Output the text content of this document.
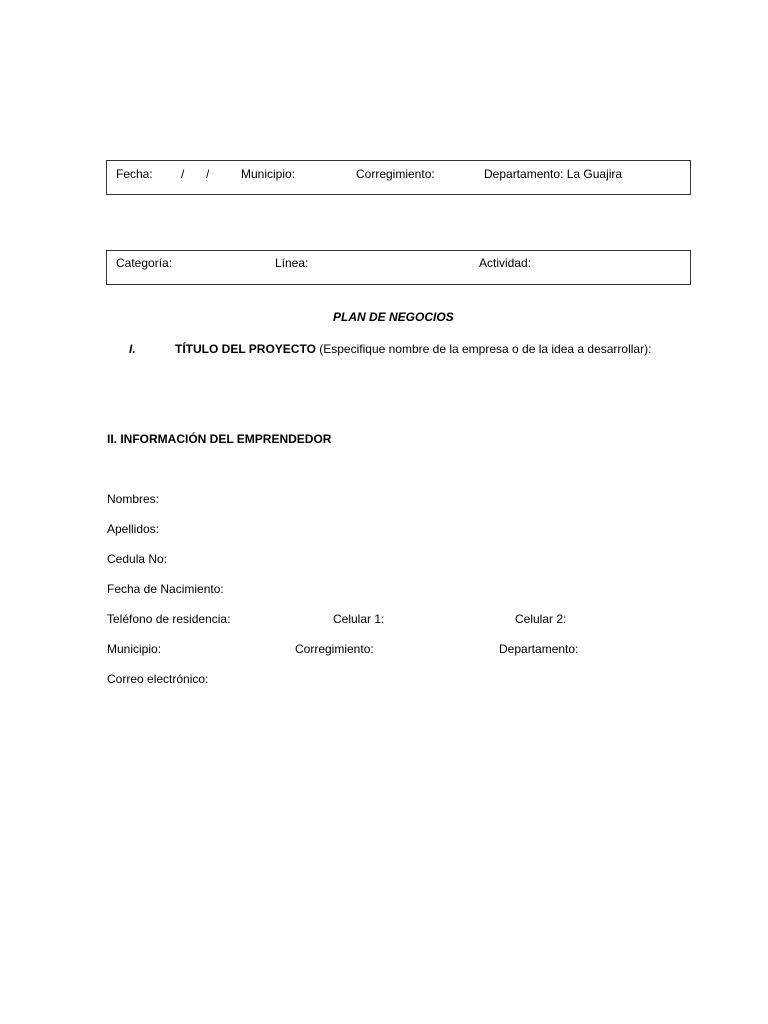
Fecha: / /	Municipio:	Corregimiento:	Departamento: La Guajira
Categoría:	Línea:	Actividad:
PLAN DE NEGOCIOS
I.	TÍTULO DEL PROYECTO (Especifique nombre de la empresa o de la idea a desarrollar):
II. INFORMACIÓN DEL EMPRENDEDOR
Nombres:
Apellidos:
Cedula No:
Fecha de Nacimiento:
Teléfono de residencia:	Celular 1:	Celular 2:
Municipio:	Corregimiento:	Departamento:
Correo electrónico:
